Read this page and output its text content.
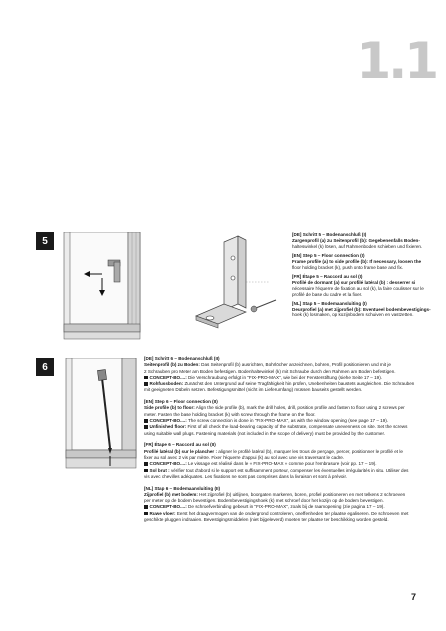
1.1
5
[DE] Schritt 5 – Bodenanschluß (I)
Zargenprofil (a) zu Seitenprofil (b): Gegebenenfalls Boden-
halteswinkel (k) lösen, auf Rahmenboden schieben und fixieren.
[EN] Step 5 – Floor connection (I)
Frame profile (a) to side profile (b): If necessary, loosen the
floor holding bracket (k), push onto frame base and fix.
[FR] Étape 5 – Raccord au sol (I)
Profilé de dormant (a) sur profilé latéral (b) : desserrer si
nécessaire l'équerre de fixation au sol (k), la faire coulisser sur le
profilé de base du cadre et la fixer.
[NL] Stap 5 – Bodemaansluiting (I)
Deurprofiel (a) met zijprofiel (b): Eventueel bodembevestigings-
hoek (k) losmaken, op kozijnbodem schuiven en vastzetten.
6
[DE] Schritt 6 – Bodenanschluß (II)
Seitenprofil (b) zu Boden: Das Seitenprofil (b) ausrichten, Bohrlöcher anzeichnen, bohren, Profil positionieren und mit je
2 Schrauben pro Meter am Boden befestigen. Bodenhaltewinkel (k) mit Schraube durch den Rahmen am Boden befestigen.
CONCEPT-BO....: Die Verschraubung erfolgt in "FIX-PRO-MAX", wie bei der Fensterstiftung (siehe Seite 17 – 19).
Rohfussboden: Zunächst den Untergrund auf seine Tragfähigkeit hin prüfen, Unebenheiten baustets ausgleichen. Die Schrauben
mit geeigneten Dübeln setzen. Befestigungsmittel (nicht im Lieferumfang) müssen bauseits gestellt werden.
[EN] Step 6 – Floor connection (II)
Side profile (b) to floor: Align the side profile (b), mark the drill holes, drill, position profile and fasten to floor using 2 screws per
meter. Fasten the base holding bracket (k) with screw through the frame on the floor.
CONCEPT-BO....: The screw connection is done in "FIX-PRO-MAX", as with the window opening (see page 17 – 19).
Unfinished floor: First of all check the load-bearing capacity of the substrate, compensate unevenness on site. Set the screws
using suitable wall plugs. Fastening materials (not included in the scope of delivery) must be provided by the customer.
[FR] Étape 6 – Raccord au sol (II)
Profilé latéral (b) sur le plancher : aligner le profilé latéral (b), marquer les trous de perçage, percer, positionner le profilé et le
fixer au sol avec 2 vis par mètre. Fixer l'équerre d'appui (k) au sol avec une vis traversant le cadre.
CONCEPT-BO....: Le vissage est réalisé dans le « FIX-PRO-MAX » comme pour l'embrasure (voir pp. 17 – 19).
Sol brut : vérifier tout d'abord si le support est suffisamment porteur, compenser les éventuelles irrégularités in situ. Utiliser des
vis avec chevilles adéquates. Les fixations ne sont pas comprises dans la livraison et sont à prévoir.
[NL] Stap 6 – Bodemaansluiting (II)
Zijprofiel (b) met bodem: Het zijprofiel (b) uitlijnen, boorgaten markeren, boren, profiel positioneren en met telkens 2 schroeven
per meter op de bodem bevestigen. Bodembevestigingshoek (k) met schroef door het kozijn op de bodem bevestigen.
CONCEPT-BO....: De schroefverbinding gebeurt in "FIX-PRO-MAX", zoals bij de raamopening (zie pagina 17 – 19).
Ruwe vloer: Eerst het draagvermogen van de ondergrond controleren, oneffenheden ter plaatse egaliseren. De schroeven met
geschikte pluggen indraaien. Bevestigingsmiddelen (niet bijgeleverd) moeten ter plaatse ter beschikking worden gesteld.
7
